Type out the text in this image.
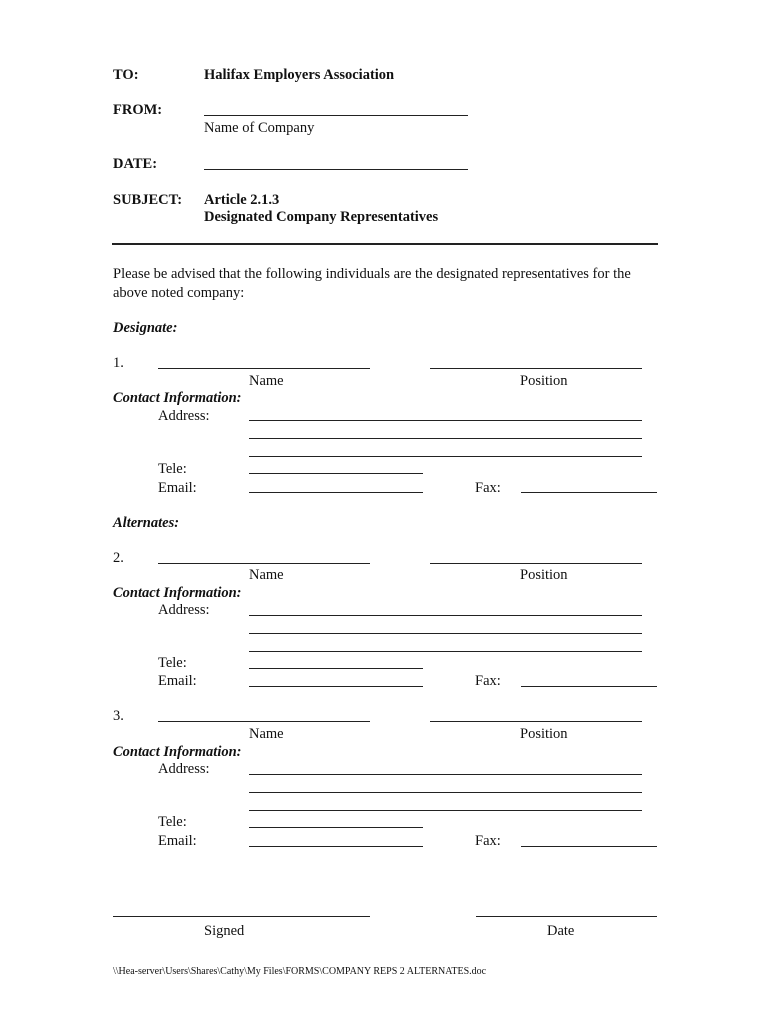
TO:	Halifax Employers Association
FROM:
Name of Company
DATE:
SUBJECT: Article 2.1.3
Designated Company Representatives
Please be advised that the following individuals are the designated representatives for the
above noted company:
Designate:
1.
Name	Position
Contact Information:
Address:
Tele:
Email:	Fax:
Alternates:
2.
Name	Position
Contact Information:
Address:
Tele:
Email:	Fax:
3.
Name	Position
Contact Information:
Address:
Tele:
Email:	Fax:
Signed	Date
\\Hea-server\Users\Shares\Cathy\My Files\FORMS\COMPANY REPS 2 ALTERNATES.doc
